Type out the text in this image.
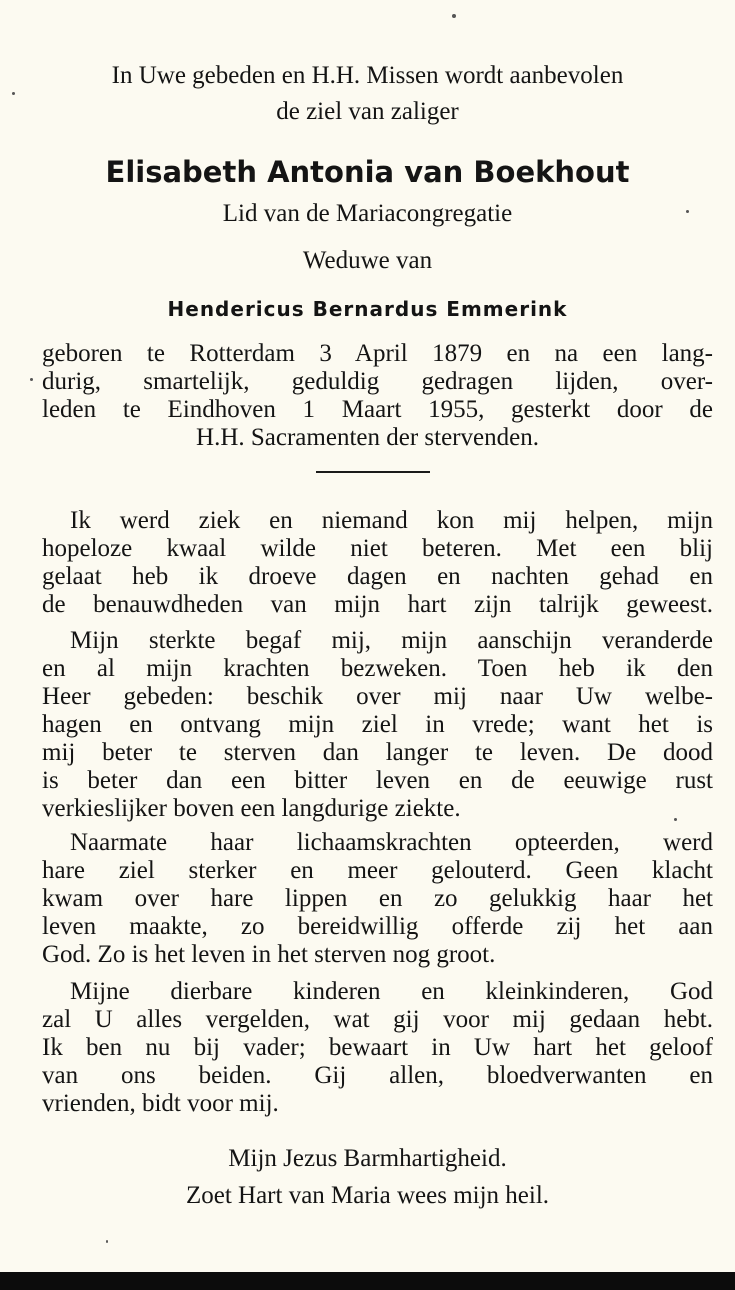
In Uwe gebeden en H.H. Missen wordt aanbevolen

de ziel van zaliger

Elisabeth Antonia van Boekhout

Lid van de Mariacongregatie

Weduwe van

Hendericus Bernardus Emmerink

geboren te Rotterdam 3 April 1879 en na een lang-

durig, smartelijk, geduldig gedragen lijden, over-

leden te Eindhoven 1 Maart 1955, gesterkt door de

H.H. Sacramenten der stervenden.

Ik werd ziek en niemand kon mij helpen, mijn

hopeloze kwaal wilde niet beteren. Met een blij

gelaat heb ik droeve dagen en nachten gehad en

de benauwdheden van mijn hart zijn talrijk geweest.

Mijn sterkte begaf mij, mijn aanschijn veranderde

en al mijn krachten bezweken. Toen heb ik den

Heer gebeden: beschik over mij naar Uw welbe-

hagen en ontvang mijn ziel in vrede; want het is

mij beter te sterven dan langer te leven. De dood

is beter dan een bitter leven en de eeuwige rust

verkieslijker boven een langdurige ziekte.

Naarmate haar lichaamskrachten opteerden, werd

hare ziel sterker en meer gelouterd. Geen klacht

kwam over hare lippen en zo gelukkig haar het

leven maakte, zo bereidwillig offerde zij het aan

God. Zo is het leven in het sterven nog groot.

Mijne dierbare kinderen en kleinkinderen, God

zal U alles vergelden, wat gij voor mij gedaan hebt.

Ik ben nu bij vader; bewaart in Uw hart het geloof

van ons beiden. Gij allen, bloedverwanten en

vrienden, bidt voor mij.

Mijn Jezus Barmhartigheid.

Zoet Hart van Maria wees mijn heil.
